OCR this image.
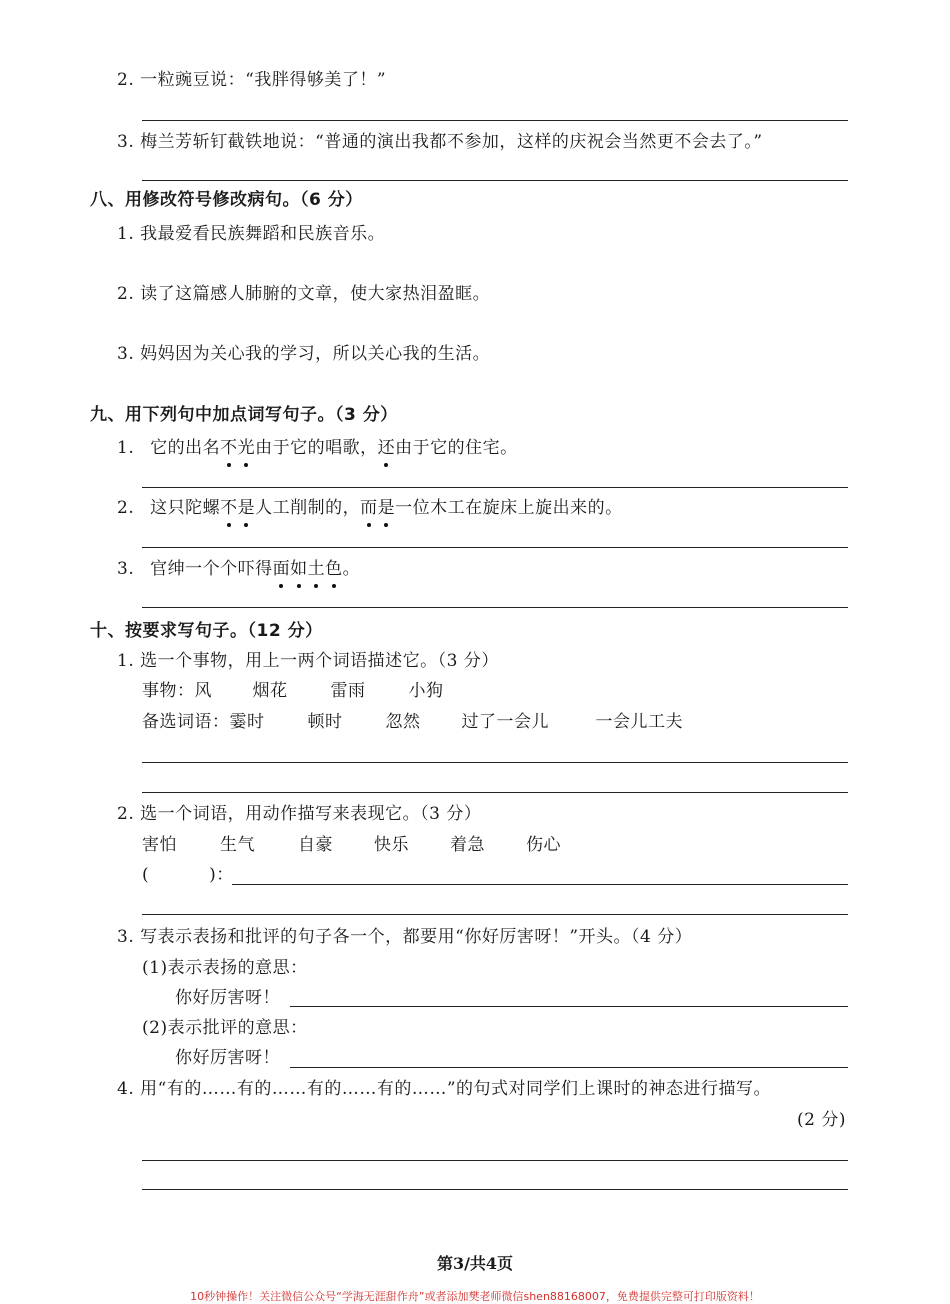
2. 一粒豌豆说：“我胖得够美了！”
3. 梅兰芳斩钉截铁地说：“普通的演出我都不参加，这样的庆祝会当然更不会去了。”
八、用修改符号修改病句。（6 分）
1. 我最爱看民族舞蹈和民族音乐。
2. 读了这篇感人肺腑的文章，使大家热泪盈眶。
3. 妈妈因为关心我的学习，所以关心我的生活。
九、用下列句中加点词写句子。（3 分）
1. 它的出名不光由于它的唱歌，还由于它的住宅。
2. 这只陀螺不是人工削制的，而是一位木工在旋床上旋出来的。
3. 官绅一个个吓得面如土色。
十、按要求写句子。（12 分）
1. 选一个事物，用上一两个词语描述它。（3 分）
事物：风 烟花	雷雨	小狗
备选词语：霎时	顿时	忽然 过了一会儿	一会儿工夫
2. 选一个词语，用动作描写来表现它。（3 分）
害怕	生气	自豪 快乐 着急 伤心
(	)：
3. 写表示表扬和批评的句子各一个，都要用“你好厉害呀！”开头。（4 分）
(1)表示表扬的意思：
你好厉害呀！
(2)表示批评的意思：
你好厉害呀！
4. 用“有的……有的……有的……有的……”的句式对同学们上课时的神态进行描写。
(2 分)
第3/共4页
10秒钟操作！关注微信公众号“学海无涯甜作舟”或者添加樊老师微信shen88168007，免费提供完整可打印版资料！
